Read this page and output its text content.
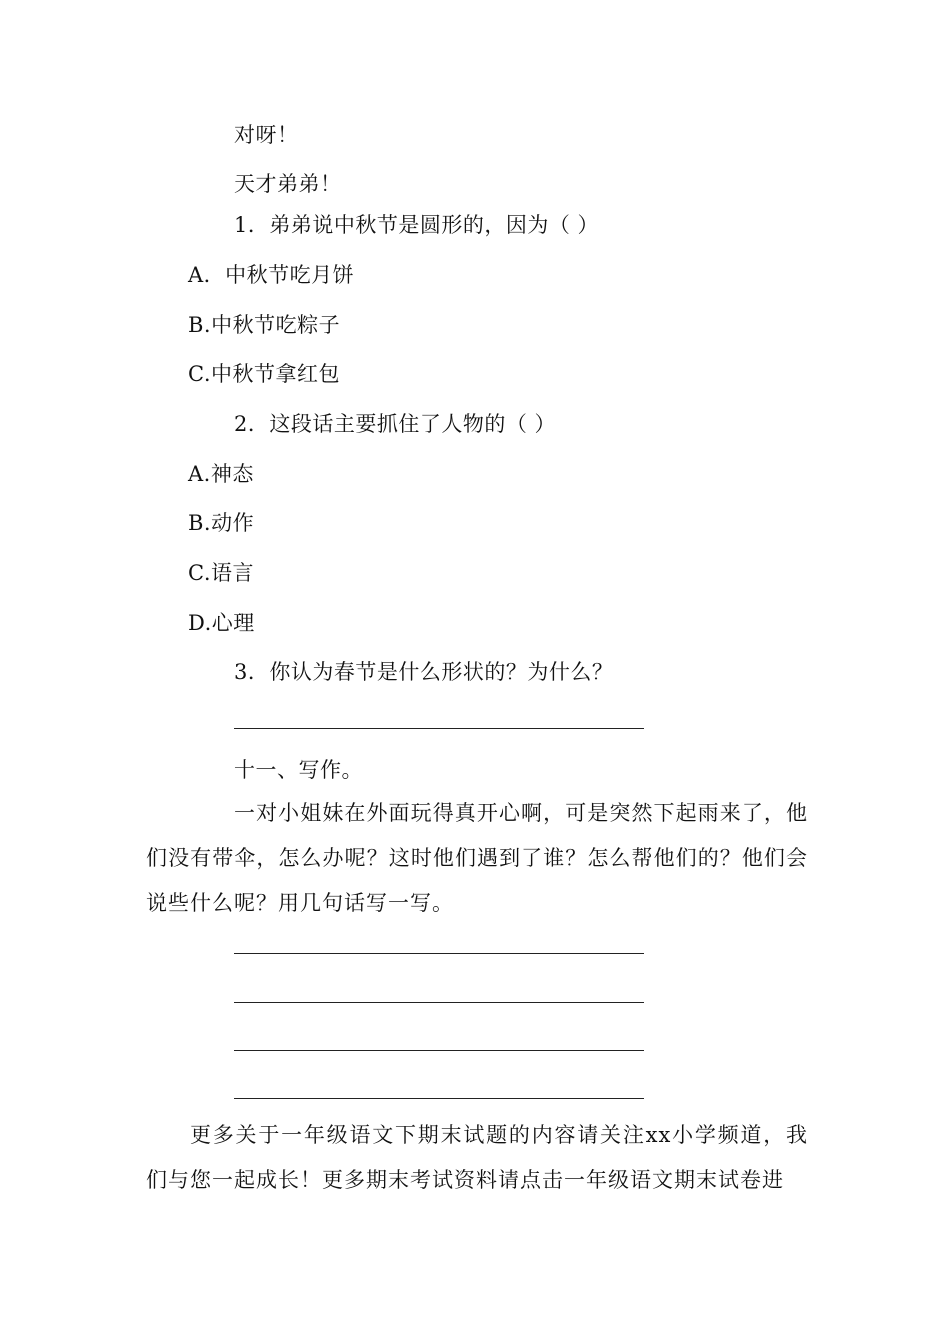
对呀！
天才弟弟！
1．弟弟说中秋节是圆形的，因为（ ）
A．中秋节吃月饼
B.中秋节吃粽子
C.中秋节拿红包
2．这段话主要抓住了人物的（ ）
A.神态
B.动作
C.语言
D.心理
3．你认为春节是什么形状的？为什么？
十一、写作。
一对小姐妹在外面玩得真开心啊，可是突然下起雨来了，他们没有带伞，怎么办呢？这时他们遇到了谁？怎么帮他们的？他们会说些什么呢？用几句话写一写。
更多关于一年级语文下期末试题的内容请关注xx小学频道，我们与您一起成长！更多期末考试资料请点击一年级语文期末试卷进
